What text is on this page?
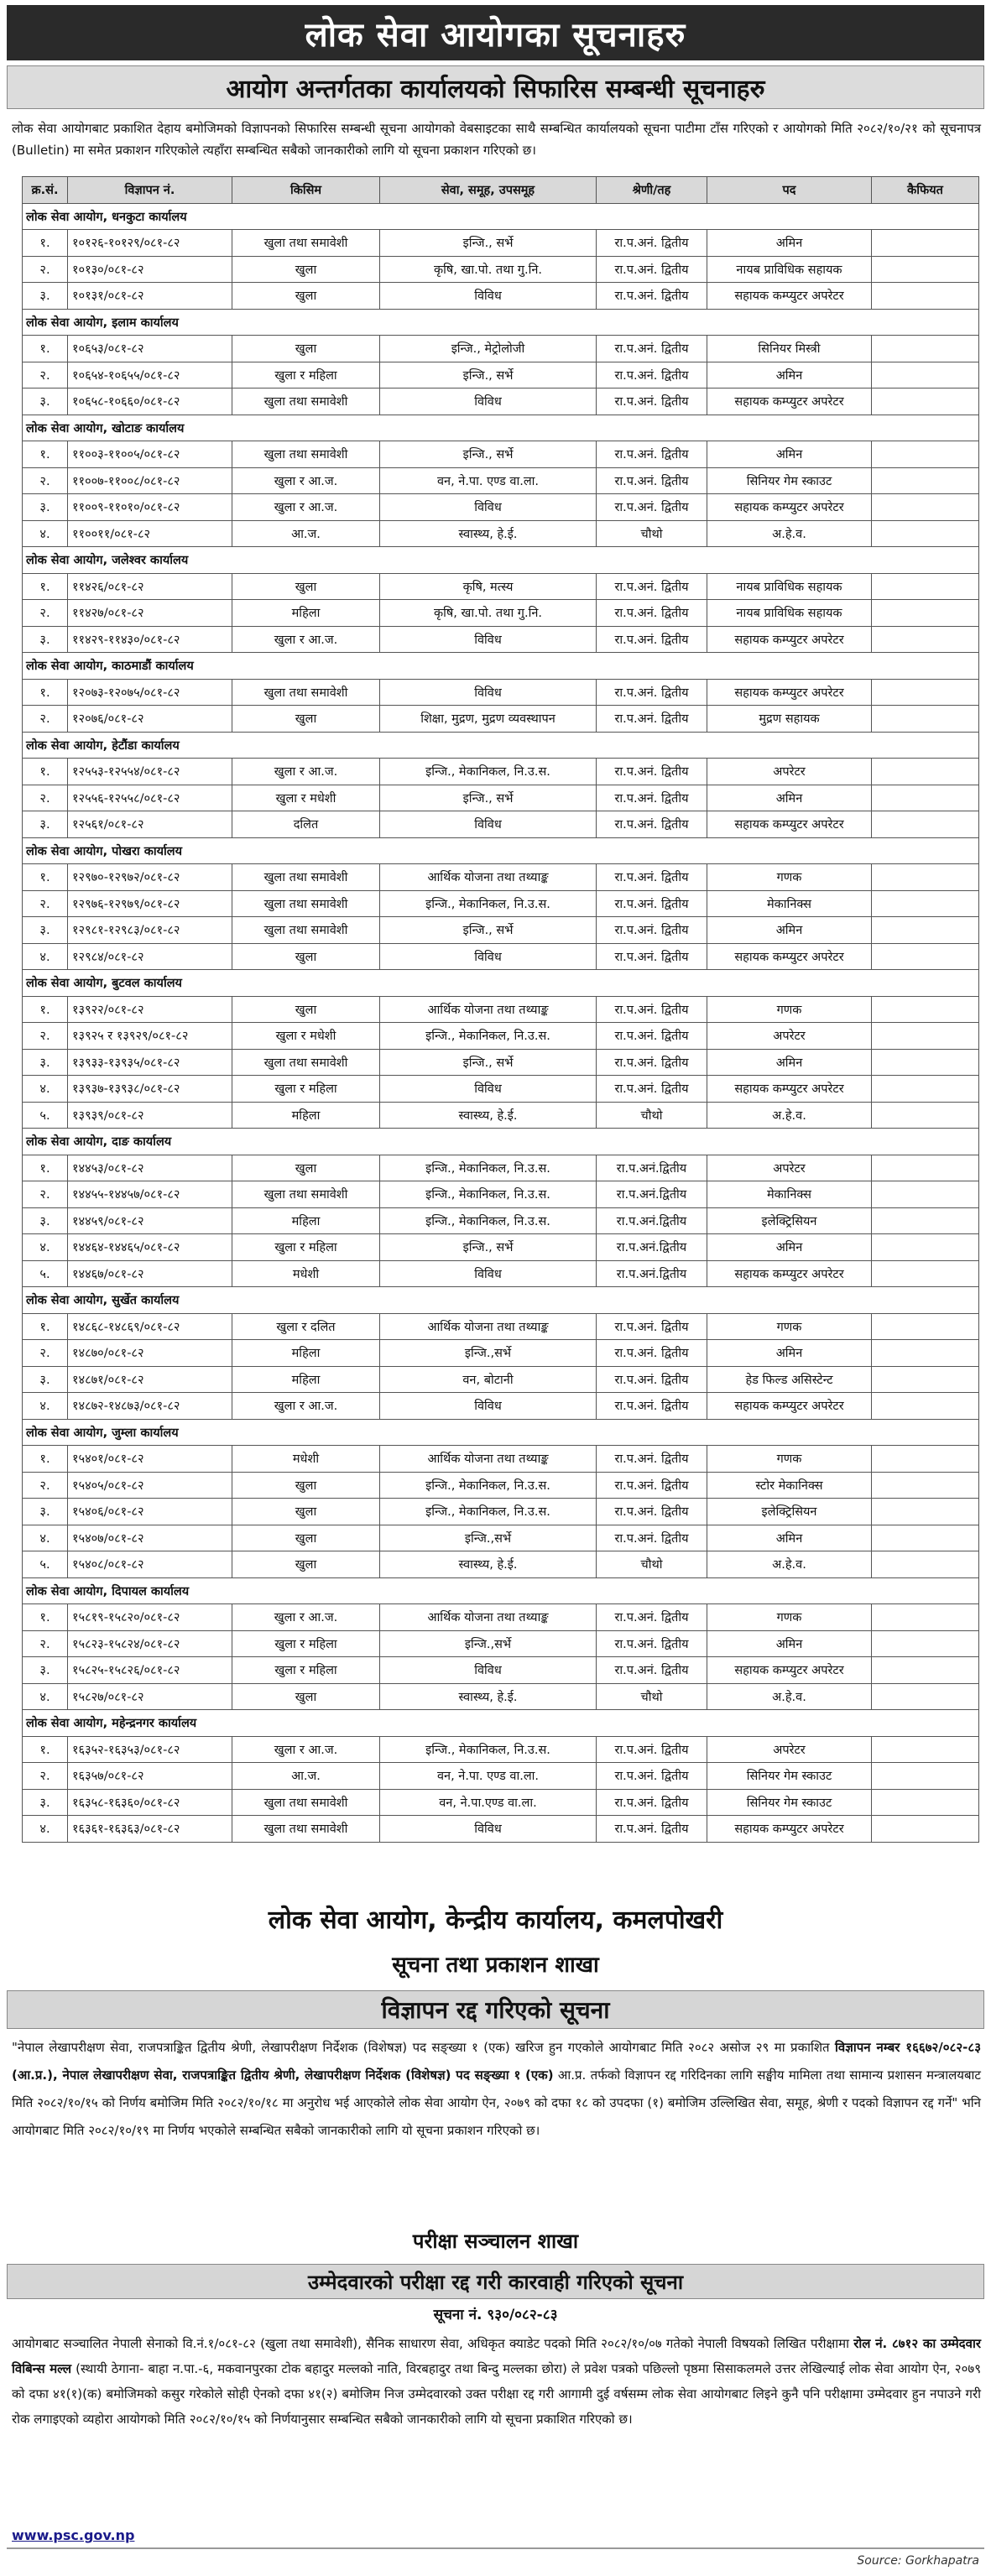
लोक सेवा आयोगका सूचनाहरु
आयोग अन्तर्गतका कार्यालयको सिफारिस सम्बन्धी सूचनाहरु
लोक सेवा आयोगबाट प्रकाशित देहाय बमोजिमको विज्ञापनको सिफारिस सम्बन्धी सूचना आयोगको वेबसाइटका साथै सम्बन्धित कार्यालयको सूचना पाटीमा टाँस गरिएको र आयोगको मिति २०८२/१०/२१ को सूचनापत्र (Bulletin) मा समेत प्रकाशन गरिएकोले त्यहाँरा सम्बन्धित सबैको जानकारीको लागि यो सूचना प्रकाशन गरिएको छ।
क्र.सं.	विज्ञापन नं.	किसिम	सेवा, समूह, उपसमूह	श्रेणी/तह	पद	कैफियत
लोक सेवा आयोग, धनकुटा कार्यालय						
१.	१०१२६-१०१२९/०८१-८२	खुला तथा समावेशी	इन्जि., सर्भे	रा.प.अनं. द्वितीय	अमिन	
२.	१०१३०/०८१-८२	खुला	कृषि, खा.पो. तथा गु.नि.	रा.प.अनं. द्वितीय	नायब प्राविधिक सहायक	
३.	१०१३१/०८१-८२	खुला	विविध	रा.प.अनं. द्वितीय	सहायक कम्प्युटर अपरेटर	
लोक सेवा आयोग, इलाम कार्यालय						
१.	१०६५३/०८१-८२	खुला	इन्जि., मेट्रोलोजी	रा.प.अनं. द्वितीय	सिनियर मिस्त्री	
२.	१०६५४-१०६५५/०८१-८२	खुला र महिला	इन्जि., सर्भे	रा.प.अनं. द्वितीय	अमिन	
३.	१०६५८-१०६६०/०८१-८२	खुला तथा समावेशी	विविध	रा.प.अनं. द्वितीय	सहायक कम्प्युटर अपरेटर	
लोक सेवा आयोग, खोटाङ कार्यालय						
१.	११००३-११००५/०८१-८२	खुला तथा समावेशी	इन्जि., सर्भे	रा.प.अनं. द्वितीय	अमिन	
२.	११००७-११००८/०८१-८२	खुला र आ.ज.	वन, ने.पा. एण्ड वा.ला.	रा.प.अनं. द्वितीय	सिनियर गेम स्काउट	
३.	११००९-११०१०/०८१-८२	खुला र आ.ज.	विविध	रा.प.अनं. द्वितीय	सहायक कम्प्युटर अपरेटर	
४.	११००११/०८१-८२	आ.ज.	स्वास्थ्य, हे.ई.	चौथो	अ.हे.व.	
लोक सेवा आयोग, जलेश्वर कार्यालय						
१.	११४२६/०८१-८२	खुला	कृषि, मत्स्य	रा.प.अनं. द्वितीय	नायब प्राविधिक सहायक	
२.	११४२७/०८१-८२	महिला	कृषि, खा.पो. तथा गु.नि.	रा.प.अनं. द्वितीय	नायब प्राविधिक सहायक	
३.	११४२९-११४३०/०८१-८२	खुला र आ.ज.	विविध	रा.प.अनं. द्वितीय	सहायक कम्प्युटर अपरेटर	
लोक सेवा आयोग, काठमाडौं कार्यालय						
१.	१२०७३-१२०७५/०८१-८२	खुला तथा समावेशी	विविध	रा.प.अनं. द्वितीय	सहायक कम्प्युटर अपरेटर	
२.	१२०७६/०८१-८२	खुला	शिक्षा, मुद्रण, मुद्रण व्यवस्थापन	रा.प.अनं. द्वितीय	मुद्रण सहायक	
लोक सेवा आयोग, हेटौंडा कार्यालय						
१.	१२५५३-१२५५४/०८१-८२	खुला र आ.ज.	इन्जि., मेकानिकल, नि.उ.स.	रा.प.अनं. द्वितीय	अपरेटर	
२.	१२५५६-१२५५८/०८१-८२	खुला र मधेशी	इन्जि., सर्भे	रा.प.अनं. द्वितीय	अमिन	
३.	१२५६१/०८१-८२	दलित	विविध	रा.प.अनं. द्वितीय	सहायक कम्प्युटर अपरेटर	
लोक सेवा आयोग, पोखरा कार्यालय						
१.	१२९७०-१२९७२/०८१-८२	खुला तथा समावेशी	आर्थिक योजना तथा तथ्याङ्क	रा.प.अनं. द्वितीय	गणक	
२.	१२९७६-१२९७९/०८१-८२	खुला तथा समावेशी	इन्जि., मेकानिकल, नि.उ.स.	रा.प.अनं. द्वितीय	मेकानिक्स	
३.	१२९८१-१२९८३/०८१-८२	खुला तथा समावेशी	इन्जि., सर्भे	रा.प.अनं. द्वितीय	अमिन	
४.	१२९८४/०८१-८२	खुला	विविध	रा.प.अनं. द्वितीय	सहायक कम्प्युटर अपरेटर	
लोक सेवा आयोग, बुटवल कार्यालय						
१.	१३९२२/०८१-८२	खुला	आर्थिक योजना तथा तथ्याङ्क	रा.प.अनं. द्वितीय	गणक	
२.	१३९२५ र १३९२९/०८१-८२	खुला र मधेशी	इन्जि., मेकानिकल, नि.उ.स.	रा.प.अनं. द्वितीय	अपरेटर	
३.	१३९३३-१३९३५/०८१-८२	खुला तथा समावेशी	इन्जि., सर्भे	रा.प.अनं. द्वितीय	अमिन	
४.	१३९३७-१३९३८/०८१-८२	खुला र महिला	विविध	रा.प.अनं. द्वितीय	सहायक कम्प्युटर अपरेटर	
५.	१३९३९/०८१-८२	महिला	स्वास्थ्य, हे.ई.	चौथो	अ.हे.व.	
लोक सेवा आयोग, दाङ कार्यालय						
१.	१४४५३/०८१-८२	खुला	इन्जि., मेकानिकल, नि.उ.स.	रा.प.अनं.द्वितीय	अपरेटर	
२.	१४४५५-१४४५७/०८१-८२	खुला तथा समावेशी	इन्जि., मेकानिकल, नि.उ.स.	रा.प.अनं.द्वितीय	मेकानिक्स	
३.	१४४५९/०८१-८२	महिला	इन्जि., मेकानिकल, नि.उ.स.	रा.प.अनं.द्वितीय	इलेक्ट्रिसियन	
४.	१४४६४-१४४६५/०८१-८२	खुला र महिला	इन्जि., सर्भे	रा.प.अनं.द्वितीय	अमिन	
५.	१४४६७/०८१-८२	मधेशी	विविध	रा.प.अनं.द्वितीय	सहायक कम्प्युटर अपरेटर	
लोक सेवा आयोग, सुर्खेत कार्यालय						
१.	१४८६८-१४८६९/०८१-८२	खुला र दलित	आर्थिक योजना तथा तथ्याङ्क	रा.प.अनं. द्वितीय	गणक	
२.	१४८७०/०८१-८२	महिला	इन्जि.,सर्भे	रा.प.अनं. द्वितीय	अमिन	
३.	१४८७१/०८१-८२	महिला	वन, बोटानी	रा.प.अनं. द्वितीय	हेड फिल्ड असिस्टेन्ट	
४.	१४८७२-१४८७३/०८१-८२	खुला र आ.ज.	विविध	रा.प.अनं. द्वितीय	सहायक कम्प्युटर अपरेटर	
लोक सेवा आयोग, जुम्ला कार्यालय						
१.	१५४०१/०८१-८२	मधेशी	आर्थिक योजना तथा तथ्याङ्क	रा.प.अनं. द्वितीय	गणक	
२.	१५४०५/०८१-८२	खुला	इन्जि., मेकानिकल, नि.उ.स.	रा.प.अनं. द्वितीय	स्टोर मेकानिक्स	
३.	१५४०६/०८१-८२	खुला	इन्जि., मेकानिकल, नि.उ.स.	रा.प.अनं. द्वितीय	इलेक्ट्रिसियन	
४.	१५४०७/०८१-८२	खुला	इन्जि.,सर्भे	रा.प.अनं. द्वितीय	अमिन	
५.	१५४०८/०८१-८२	खुला	स्वास्थ्य, हे.ई.	चौथो	अ.हे.व.	
लोक सेवा आयोग, दिपायल कार्यालय						
१.	१५८१९-१५८२०/०८१-८२	खुला र आ.ज.	आर्थिक योजना तथा तथ्याङ्क	रा.प.अनं. द्वितीय	गणक	
२.	१५८२३-१५८२४/०८१-८२	खुला र महिला	इन्जि.,सर्भे	रा.प.अनं. द्वितीय	अमिन	
३.	१५८२५-१५८२६/०८१-८२	खुला र महिला	विविध	रा.प.अनं. द्वितीय	सहायक कम्प्युटर अपरेटर	
४.	१५८२७/०८१-८२	खुला	स्वास्थ्य, हे.ई.	चौथो	अ.हे.व.	
लोक सेवा आयोग, महेन्द्रनगर कार्यालय						
१.	१६३५२-१६३५३/०८१-८२	खुला र आ.ज.	इन्जि., मेकानिकल, नि.उ.स.	रा.प.अनं. द्वितीय	अपरेटर	
२.	१६३५७/०८१-८२	आ.ज.	वन, ने.पा. एण्ड वा.ला.	रा.प.अनं. द्वितीय	सिनियर गेम स्काउट	
३.	१६३५८-१६३६०/०८१-८२	खुला तथा समावेशी	वन, ने.पा.एण्ड वा.ला.	रा.प.अनं. द्वितीय	सिनियर गेम स्काउट	
४.	१६३६१-१६३६३/०८१-८२	खुला तथा समावेशी	विविध	रा.प.अनं. द्वितीय	सहायक कम्प्युटर अपरेटर	
लोक सेवा आयोग, केन्द्रीय कार्यालय, कमलपोखरी
सूचना तथा प्रकाशन शाखा
विज्ञापन रद्द गरिएको सूचना
"नेपाल लेखापरीक्षण सेवा, राजपत्राङ्कित द्वितीय श्रेणी, लेखापरीक्षण निर्देशक (विशेषज्ञ) पद सङ्ख्या १ (एक) खरिज हुन गएकोले आयोगबाट मिति २०८२ असोज २९ मा प्रकाशित विज्ञापन नम्बर १६६७२/०८२-८३ (आ.प्र.), नेपाल लेखापरीक्षण सेवा, राजपत्राङ्कित द्वितीय श्रेणी, लेखापरीक्षण निर्देशक (विशेषज्ञ) पद सङ्ख्या १ (एक) आ.प्र. तर्फको विज्ञापन रद्द गरिदिनका लागि सङ्घीय मामिला तथा सामान्य प्रशासन मन्त्रालयबाट मिति २०८२/१०/१५ को निर्णय बमोजिम मिति २०८२/१०/१८ मा अनुरोध भई आएकोले लोक सेवा आयोग ऐन, २०७९ को दफा १८ को उपदफा (१) बमोजिम उल्लिखित सेवा, समूह, श्रेणी र पदको विज्ञापन रद्द गर्ने" भनि आयोगबाट मिति २०८२/१०/१९ मा निर्णय भएकोले सम्बन्धित सबैको जानकारीको लागि यो सूचना प्रकाशन गरिएको छ।
परीक्षा सञ्चालन शाखा
उम्मेदवारको परीक्षा रद्द गरी कारवाही गरिएको सूचना
सूचना नं. ९३०/०८२-८३
आयोगबाट सञ्चालित नेपाली सेनाको वि.नं.१/०८१-८२ (खुला तथा समावेशी), सैनिक साधारण सेवा, अधिकृत क्याडेट पदको मिति २०८२/१०/०७ गतेको नेपाली विषयको लिखित परीक्षामा रोल नं. ८७१२ का उम्मेदवार विबिन्स मल्ल (स्थायी ठेगाना- बाहा न.पा.-६, मकवानपुरका टोक बहादुर मल्लको नाति, विरबहादुर तथा बिन्दु मल्लका छोरा) ले प्रवेश पत्रको पछिल्लो पृष्ठमा सिसाकलमले उत्तर लेखिल्याई लोक सेवा आयोग ऐन, २०७९ को दफा ४१(१)(क) बमोजिमको कसुर गरेकोले सोही ऐनको दफा ४१(२) बमोजिम निज उम्मेदवारको उक्त परीक्षा रद्द गरी आगामी दुई वर्षसम्म लोक सेवा आयोगबाट लिइने कुनै पनि परीक्षामा उम्मेदवार हुन नपाउने गरी रोक लगाइएको व्यहोरा आयोगको मिति २०८२/१०/१५ को निर्णयानुसार सम्बन्धित सबैको जानकारीको लागि यो सूचना प्रकाशित गरिएको छ।
www.psc.gov.np
Source: Gorkhapatra
